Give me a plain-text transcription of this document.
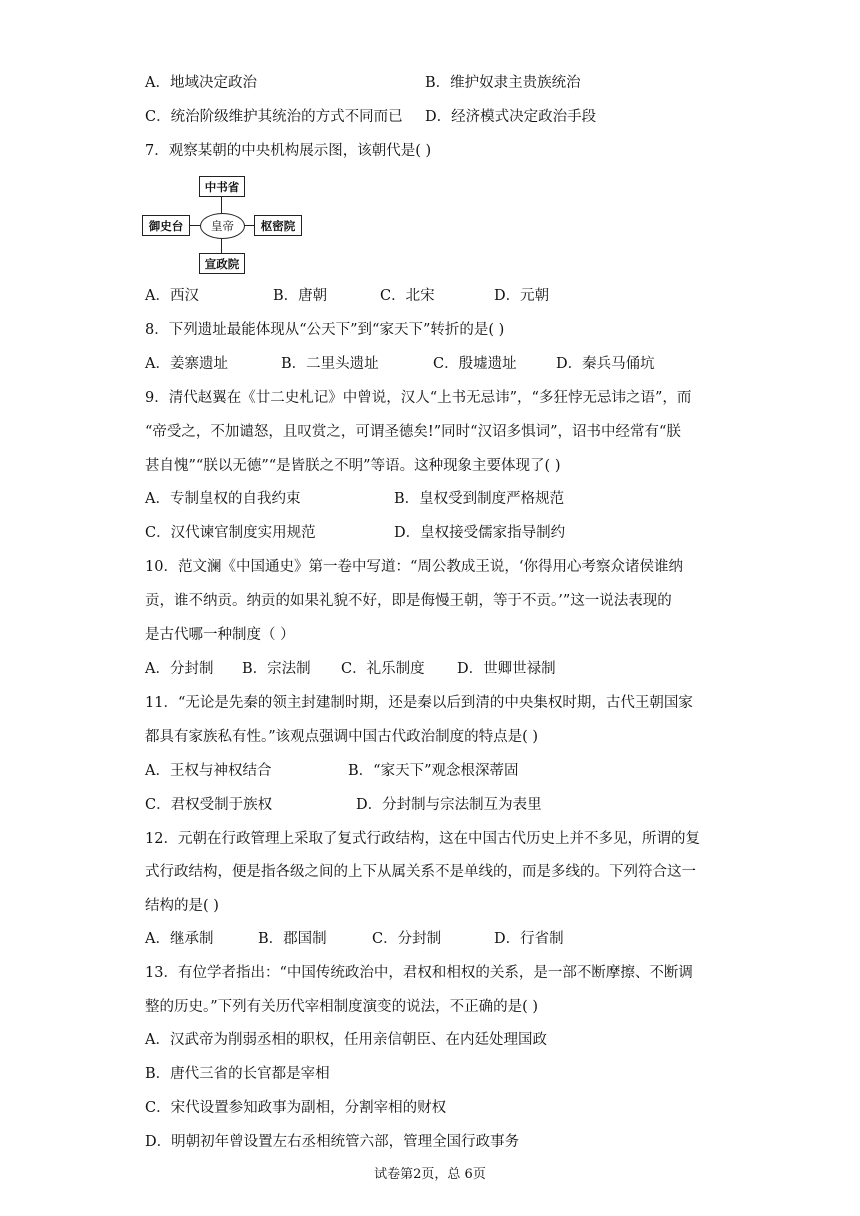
A．地域决定政治	B．维护奴隶主贵族统治
C．统治阶级维护其统治的方式不同而已 D．经济模式决定政治手段
7．观察某朝的中央机构展示图，该朝代是( )
中书省
皇帝
御史台	枢密院
宣政院
A．西汉	B．唐朝	C．北宋	D．元朝
8．下列遗址最能体现从“公天下”到“家天下”转折的是( )
A．姜寨遗址	B．二里头遗址	C．殷墟遗址	D．秦兵马俑坑
9．清代赵翼在《廿二史札记》中曾说，汉人“上书无忌讳”，“多狂悖无忌讳之语”，而
“帝受之，不加谴怒，且叹赏之，可谓圣德矣!”同时“汉诏多惧词”，诏书中经常有“朕
甚自愧”“朕以无德”“是皆朕之不明”等语。这种现象主要体现了( )
A．专制皇权的自我约束	B．皇权受到制度严格规范
C．汉代谏官制度实用规范	D．皇权接受儒家指导制约
10．范文澜《中国通史》第一卷中写道：“周公教成王说，‘你得用心考察众诸侯谁纳
贡，谁不纳贡。纳贡的如果礼貌不好，即是侮慢王朝，等于不贡。’”这一说法表现的
是古代哪一种制度（ ）
A．分封制 B．宗法制 C．礼乐制度 D．世卿世禄制
11．“无论是先秦的领主封建制时期，还是秦以后到清的中央集权时期，古代王朝国家
都具有家族私有性。”该观点强调中国古代政治制度的特点是( )
A．王权与神权结合	B．“家天下”观念根深蒂固
C．君权受制于族权	D．分封制与宗法制互为表里
12．元朝在行政管理上采取了复式行政结构，这在中国古代历史上并不多见，所谓的复
式行政结构，便是指各级之间的上下从属关系不是单线的，而是多线的。下列符合这一
结构的是( )
A．继承制	B．郡国制	C．分封制	D．行省制
13．有位学者指出：“中国传统政治中，君权和相权的关系，是一部不断摩擦、不断调
整的历史。”下列有关历代宰相制度演变的说法，不正确的是( )
A．汉武帝为削弱丞相的职权，任用亲信朝臣、在内廷处理国政
B．唐代三省的长官都是宰相
C．宋代设置参知政事为副相，分割宰相的财权
D．明朝初年曾设置左右丞相统管六部，管理全国行政事务
试卷第2页，总 6页
